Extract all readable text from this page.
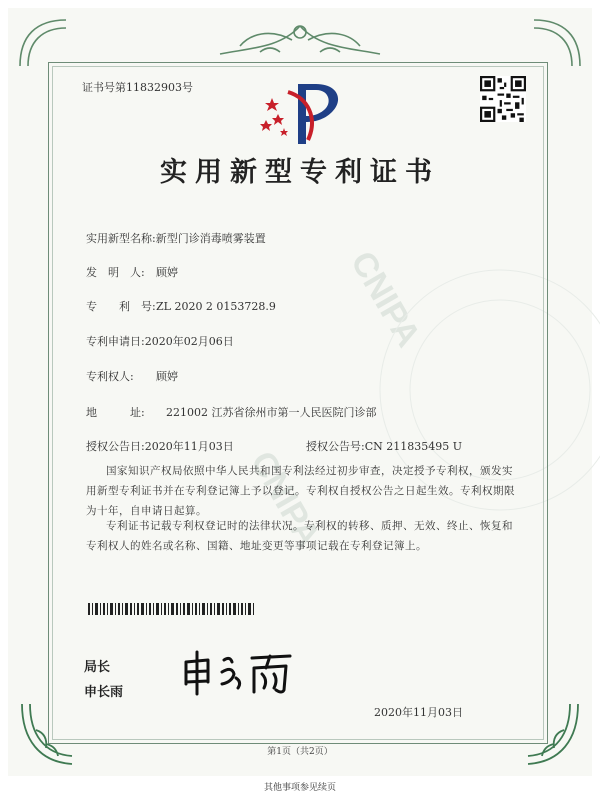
CNIPA
CNIPA
证书号第11832903号
实用新型专利证书
实用新型名称:新型门诊消毒喷雾装置
发　明　人: 顾婷
专　　利　号:ZL 2020 2 0153728.9
专利申请日:2020年02月06日
专利权人: 顾婷
地　　　址: 221002 江苏省徐州市第一人民医院门诊部
授权公告日:2020年11月03日	授权公告号:CN 211835495 U
国家知识产权局依照中华人民共和国专利法经过初步审查，决定授予专利权，颁发实用新型专利证书并在专利登记簿上予以登记。专利权自授权公告之日起生效。专利权期限为十年，自申请日起算。
专利证书记载专利权登记时的法律状况。专利权的转移、质押、无效、终止、恢复和专利权人的姓名或名称、国籍、地址变更等事项记载在专利登记簿上。
局长
申长雨
2020年11月03日
第1页（共2页）
其他事项参见续页
